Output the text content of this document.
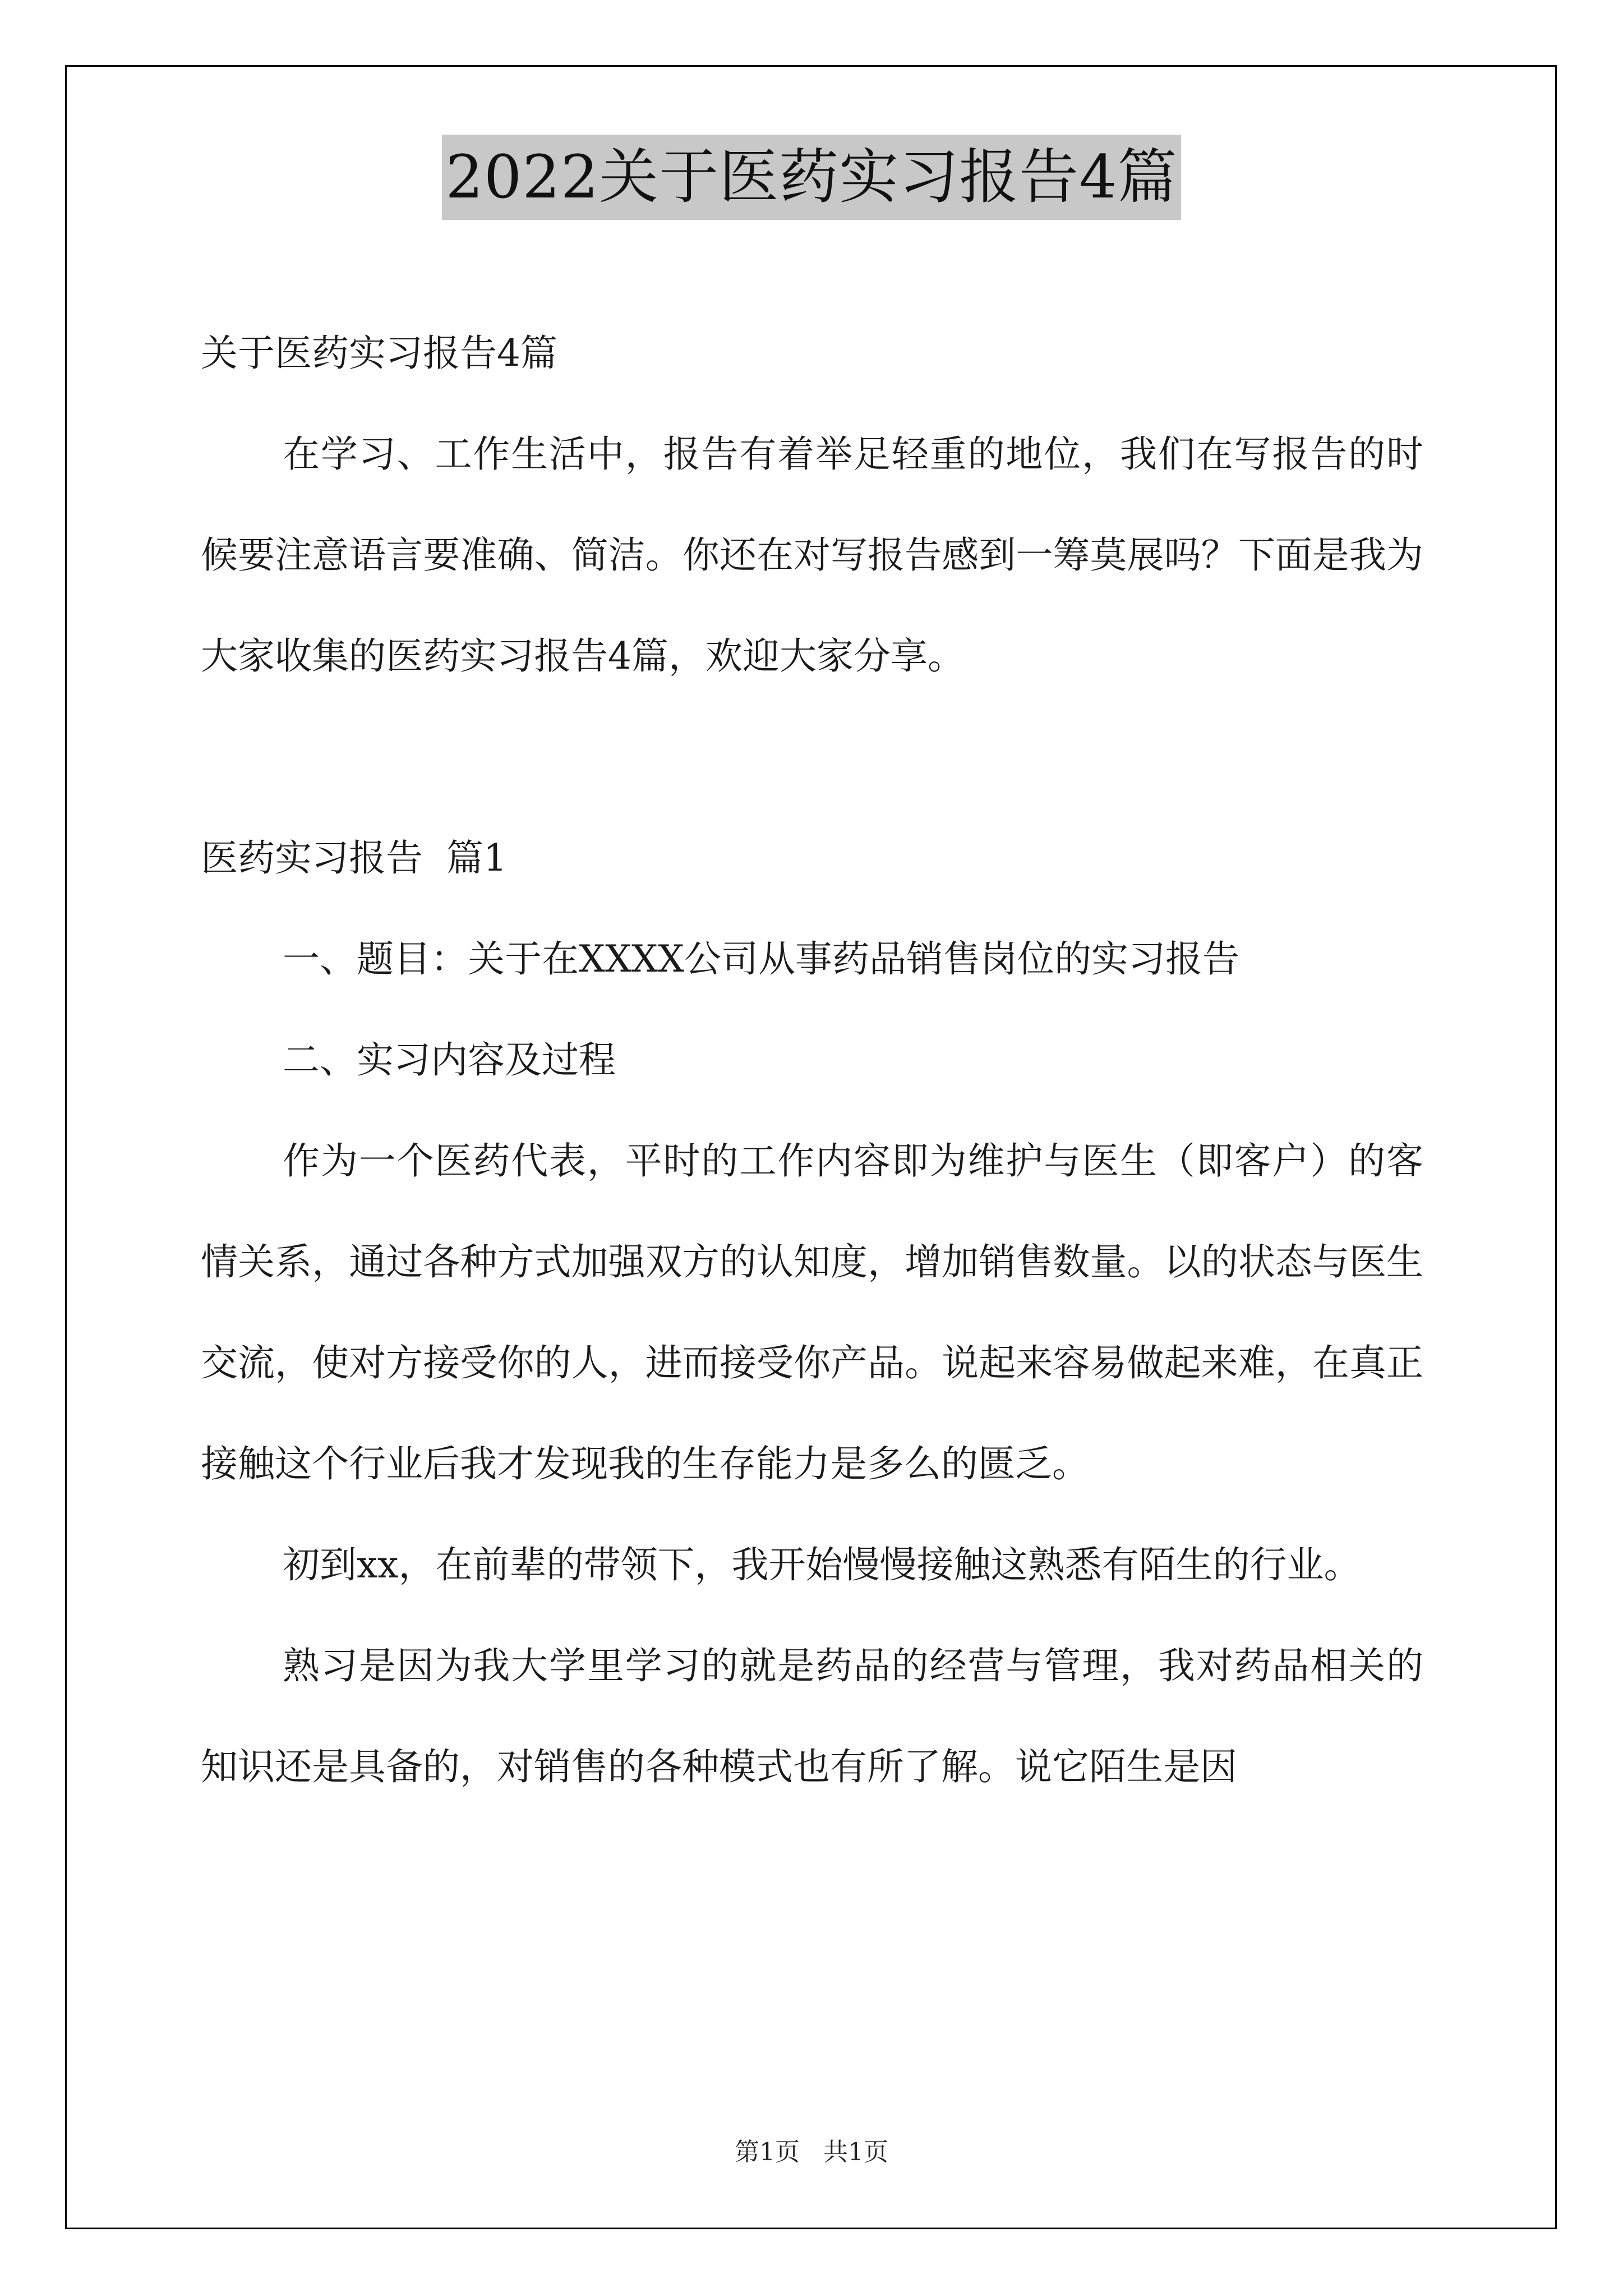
2022关于医药实习报告4篇

关于医药实习报告4篇

在学习、工作生活中，报告有着举足轻重的地位，我们在写报告的时候要注意语言要准确、简洁。你还在对写报告感到一筹莫展吗？下面是我为大家收集的医药实习报告4篇，欢迎大家分享。

医药实习报告  篇1

一、题目：关于在XXXX公司从事药品销售岗位的实习报告

二、实习内容及过程

作为一个医药代表，平时的工作内容即为维护与医生（即客户）的客情关系，通过各种方式加强双方的认知度，增加销售数量。以的状态与医生交流，使对方接受你的人，进而接受你产品。说起来容易做起来难，在真正接触这个行业后我才发现我的生存能力是多么的匮乏。

初到xx，在前辈的带领下，我开始慢慢接触这熟悉有陌生的行业。

熟习是因为我大学里学习的就是药品的经营与管理，我对药品相关的知识还是具备的，对销售的各种模式也有所了解。说它陌生是因

第1页 共1页
